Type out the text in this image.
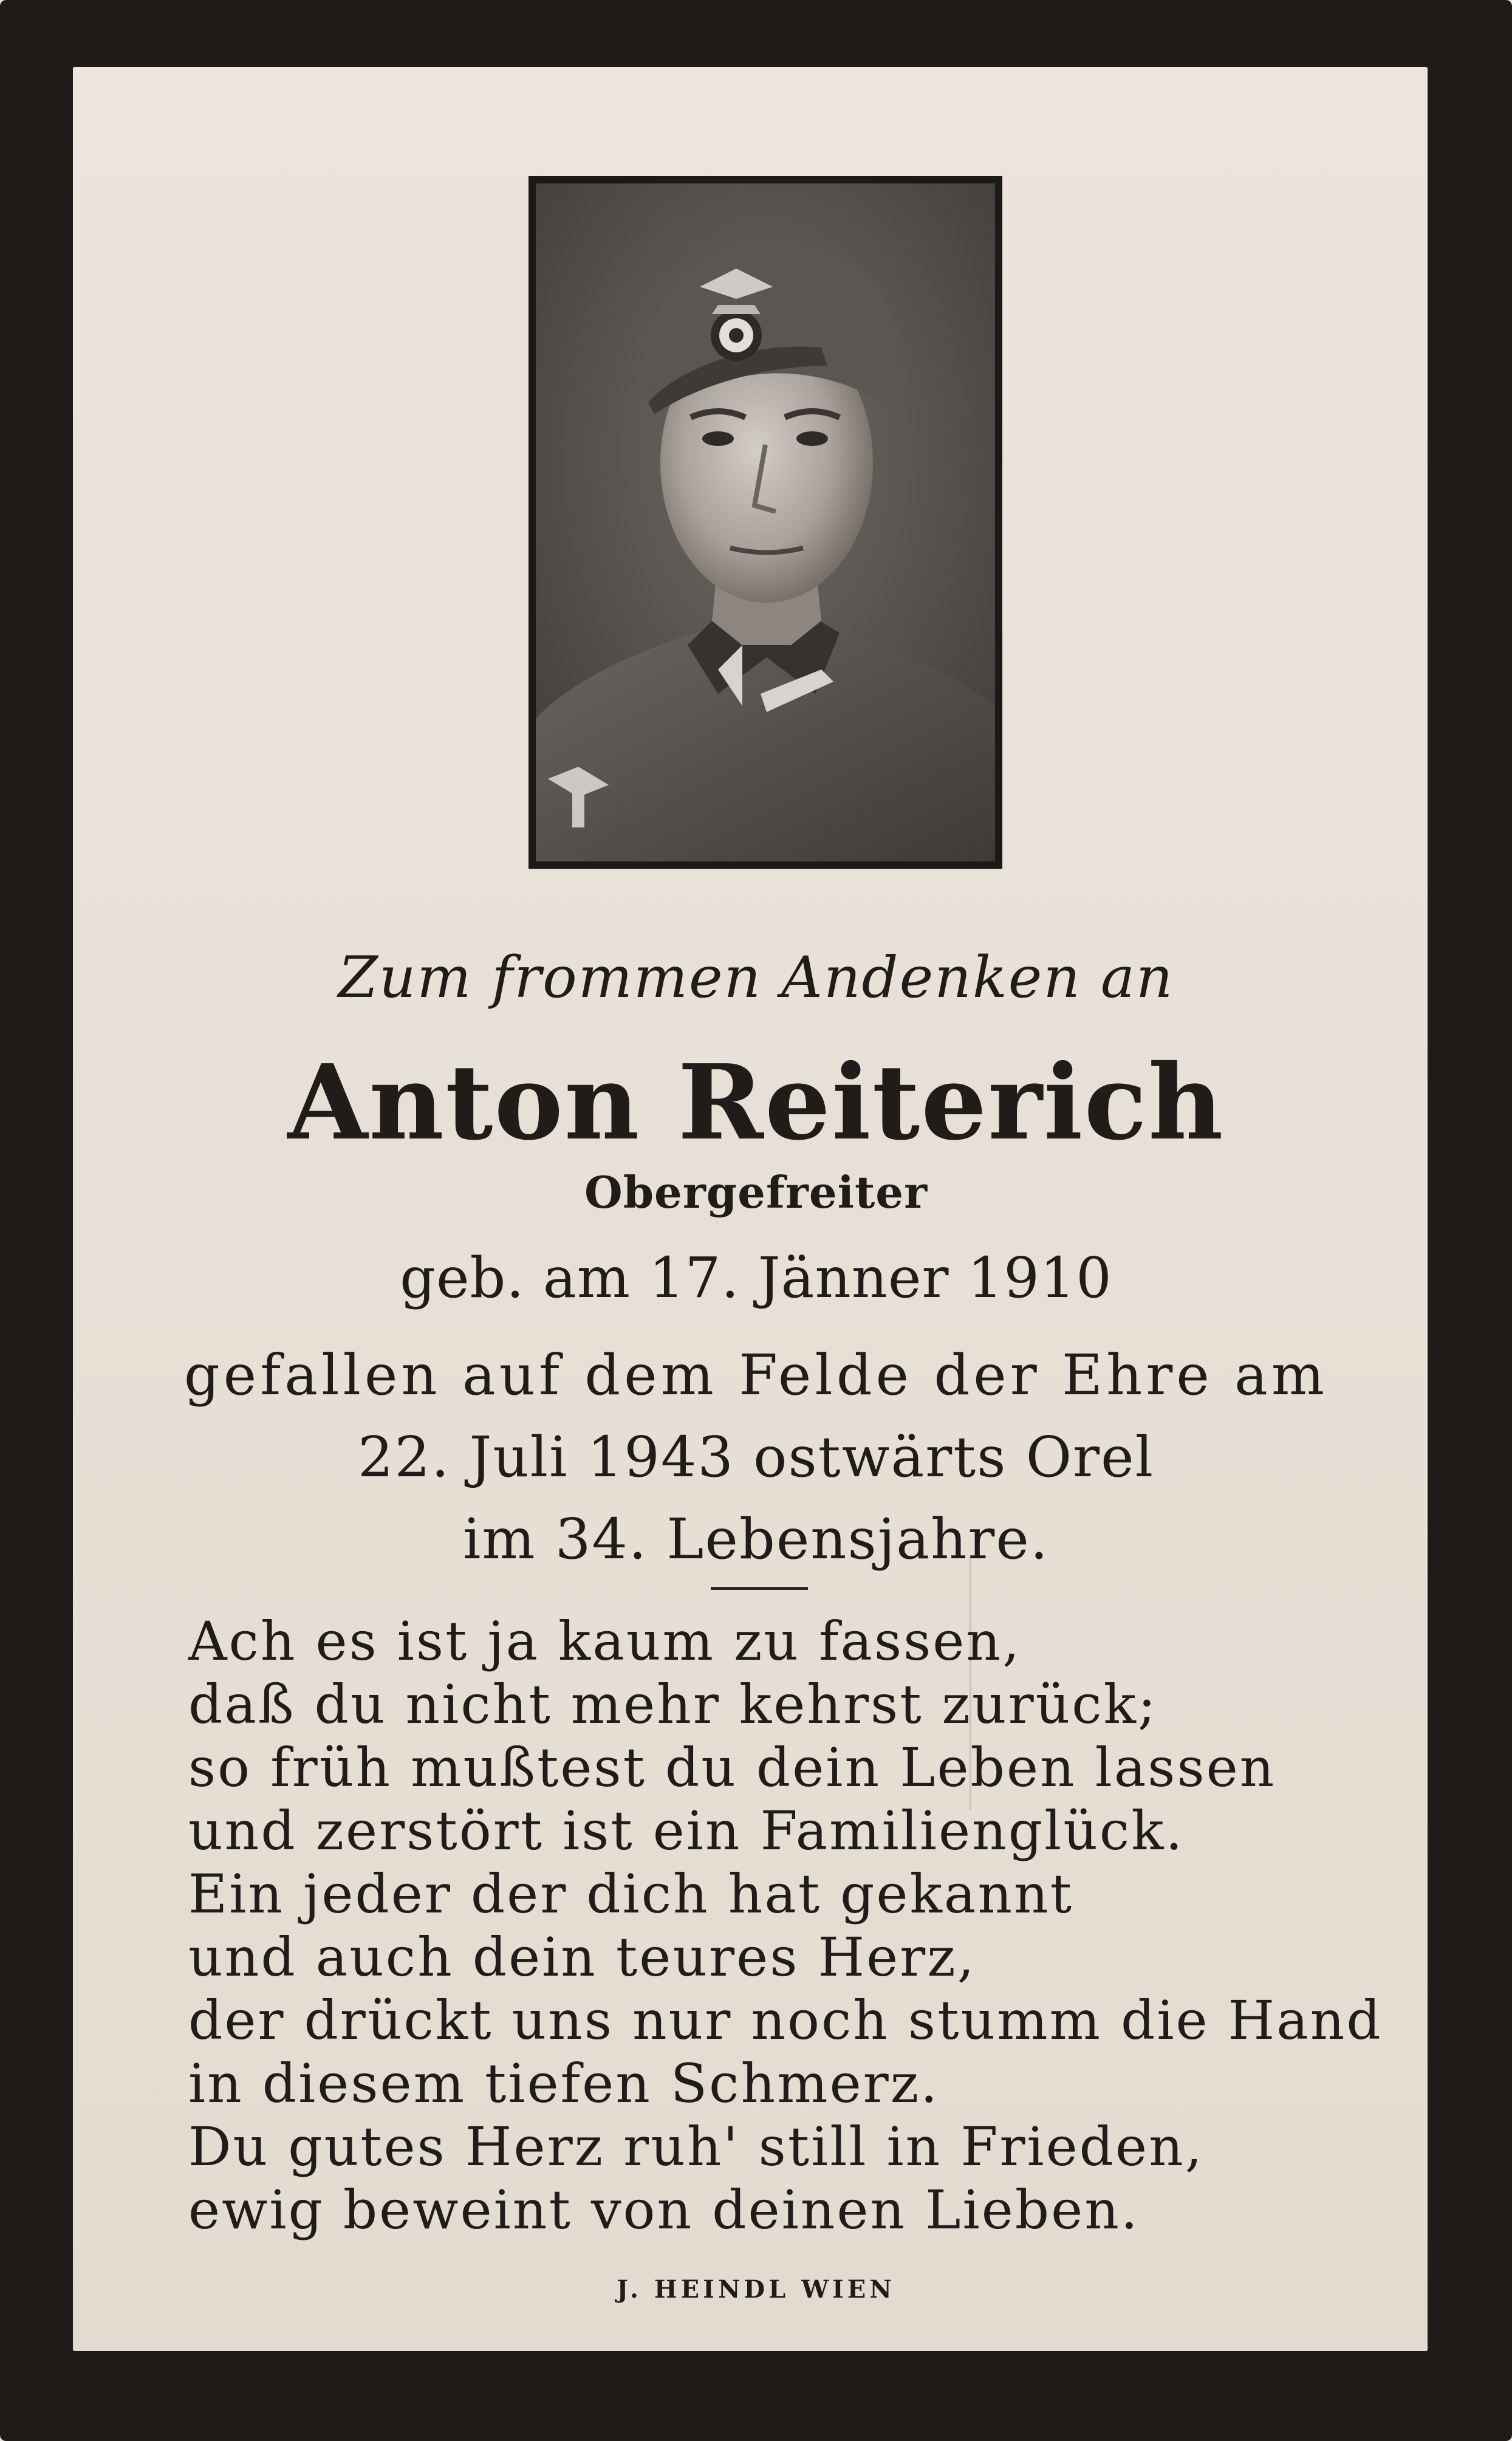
Zum frommen Andenken an

Anton Reiterich

Obergefreiter

geb. am 17. Jänner 1910

gefallen auf dem Felde der Ehre am

22. Juli 1943 ostwärts Orel

im 34. Lebensjahre.

Ach es ist ja kaum zu fassen,
daß du nicht mehr kehrst zurück;
so früh mußtest du dein Leben lassen
und zerstört ist ein Familienglück.
Ein jeder der dich hat gekannt
und auch dein teures Herz,
der drückt uns nur noch stumm die Hand
in diesem tiefen Schmerz.
Du gutes Herz ruh' still in Frieden,
ewig beweint von deinen Lieben.

J. HEINDL WIEN
